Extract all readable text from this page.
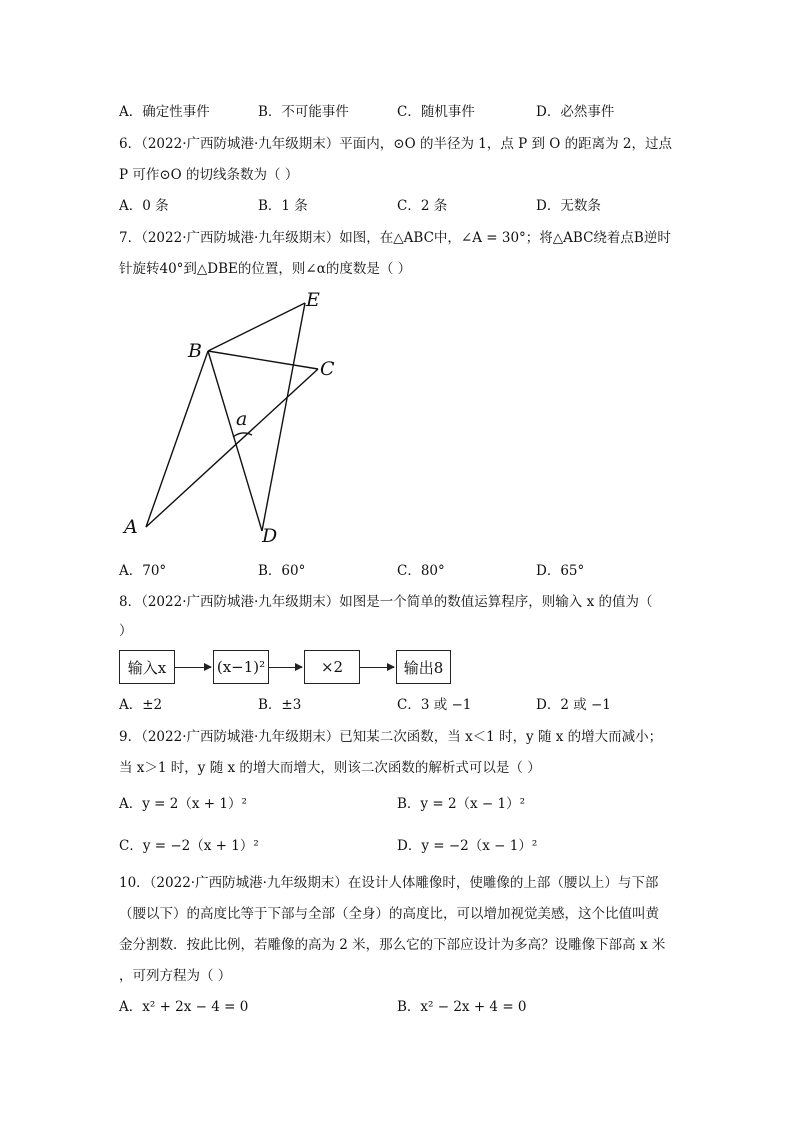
A．确定性事件	B．不可能事件	C．随机事件	D．必然事件
6．（2022·广西防城港·九年级期末）平面内，⊙O 的半径为 1，点 P 到 O 的距离为 2，过点
P 可作⊙O 的切线条数为（ ）
A．0 条	B．1 条	C．2 条	D．无数条
7．（2022·广西防城港·九年级期末）如图，在△ABC中，∠A = 30°；将△ABC绕着点B逆时
针旋转40°到△DBE的位置，则∠α的度数是（ ）
E
B
C
a
A	D
A．70°	B．60°	C．80°	D．65°
8．（2022·广西防城港·九年级期末）如图是一个简单的数值运算程序，则输入 x 的值为（
）
输入x	(x−1)²	×2	输出8
A．±2	B．±3	C．3 或 −1	D．2 或 −1
9．（2022·广西防城港·九年级期末）已知某二次函数，当 x＜1 时，y 随 x 的增大而减小；
当 x＞1 时，y 随 x 的增大而增大，则该二次函数的解析式可以是（ ）
A．y = 2（x + 1）²	B．y = 2（x − 1）²
C．y = −2（x + 1）²	D．y = −2（x − 1）²
10．（2022·广西防城港·九年级期末）在设计人体雕像时，使雕像的上部（腰以上）与下部
（腰以下）的高度比等于下部与全部（全身）的高度比，可以增加视觉美感，这个比值叫黄
金分割数．按此比例，若雕像的高为 2 米，那么它的下部应设计为多高？设雕像下部高 x 米
，可列方程为（ ）
A．x² + 2x − 4 = 0	B．x² − 2x + 4 = 0
